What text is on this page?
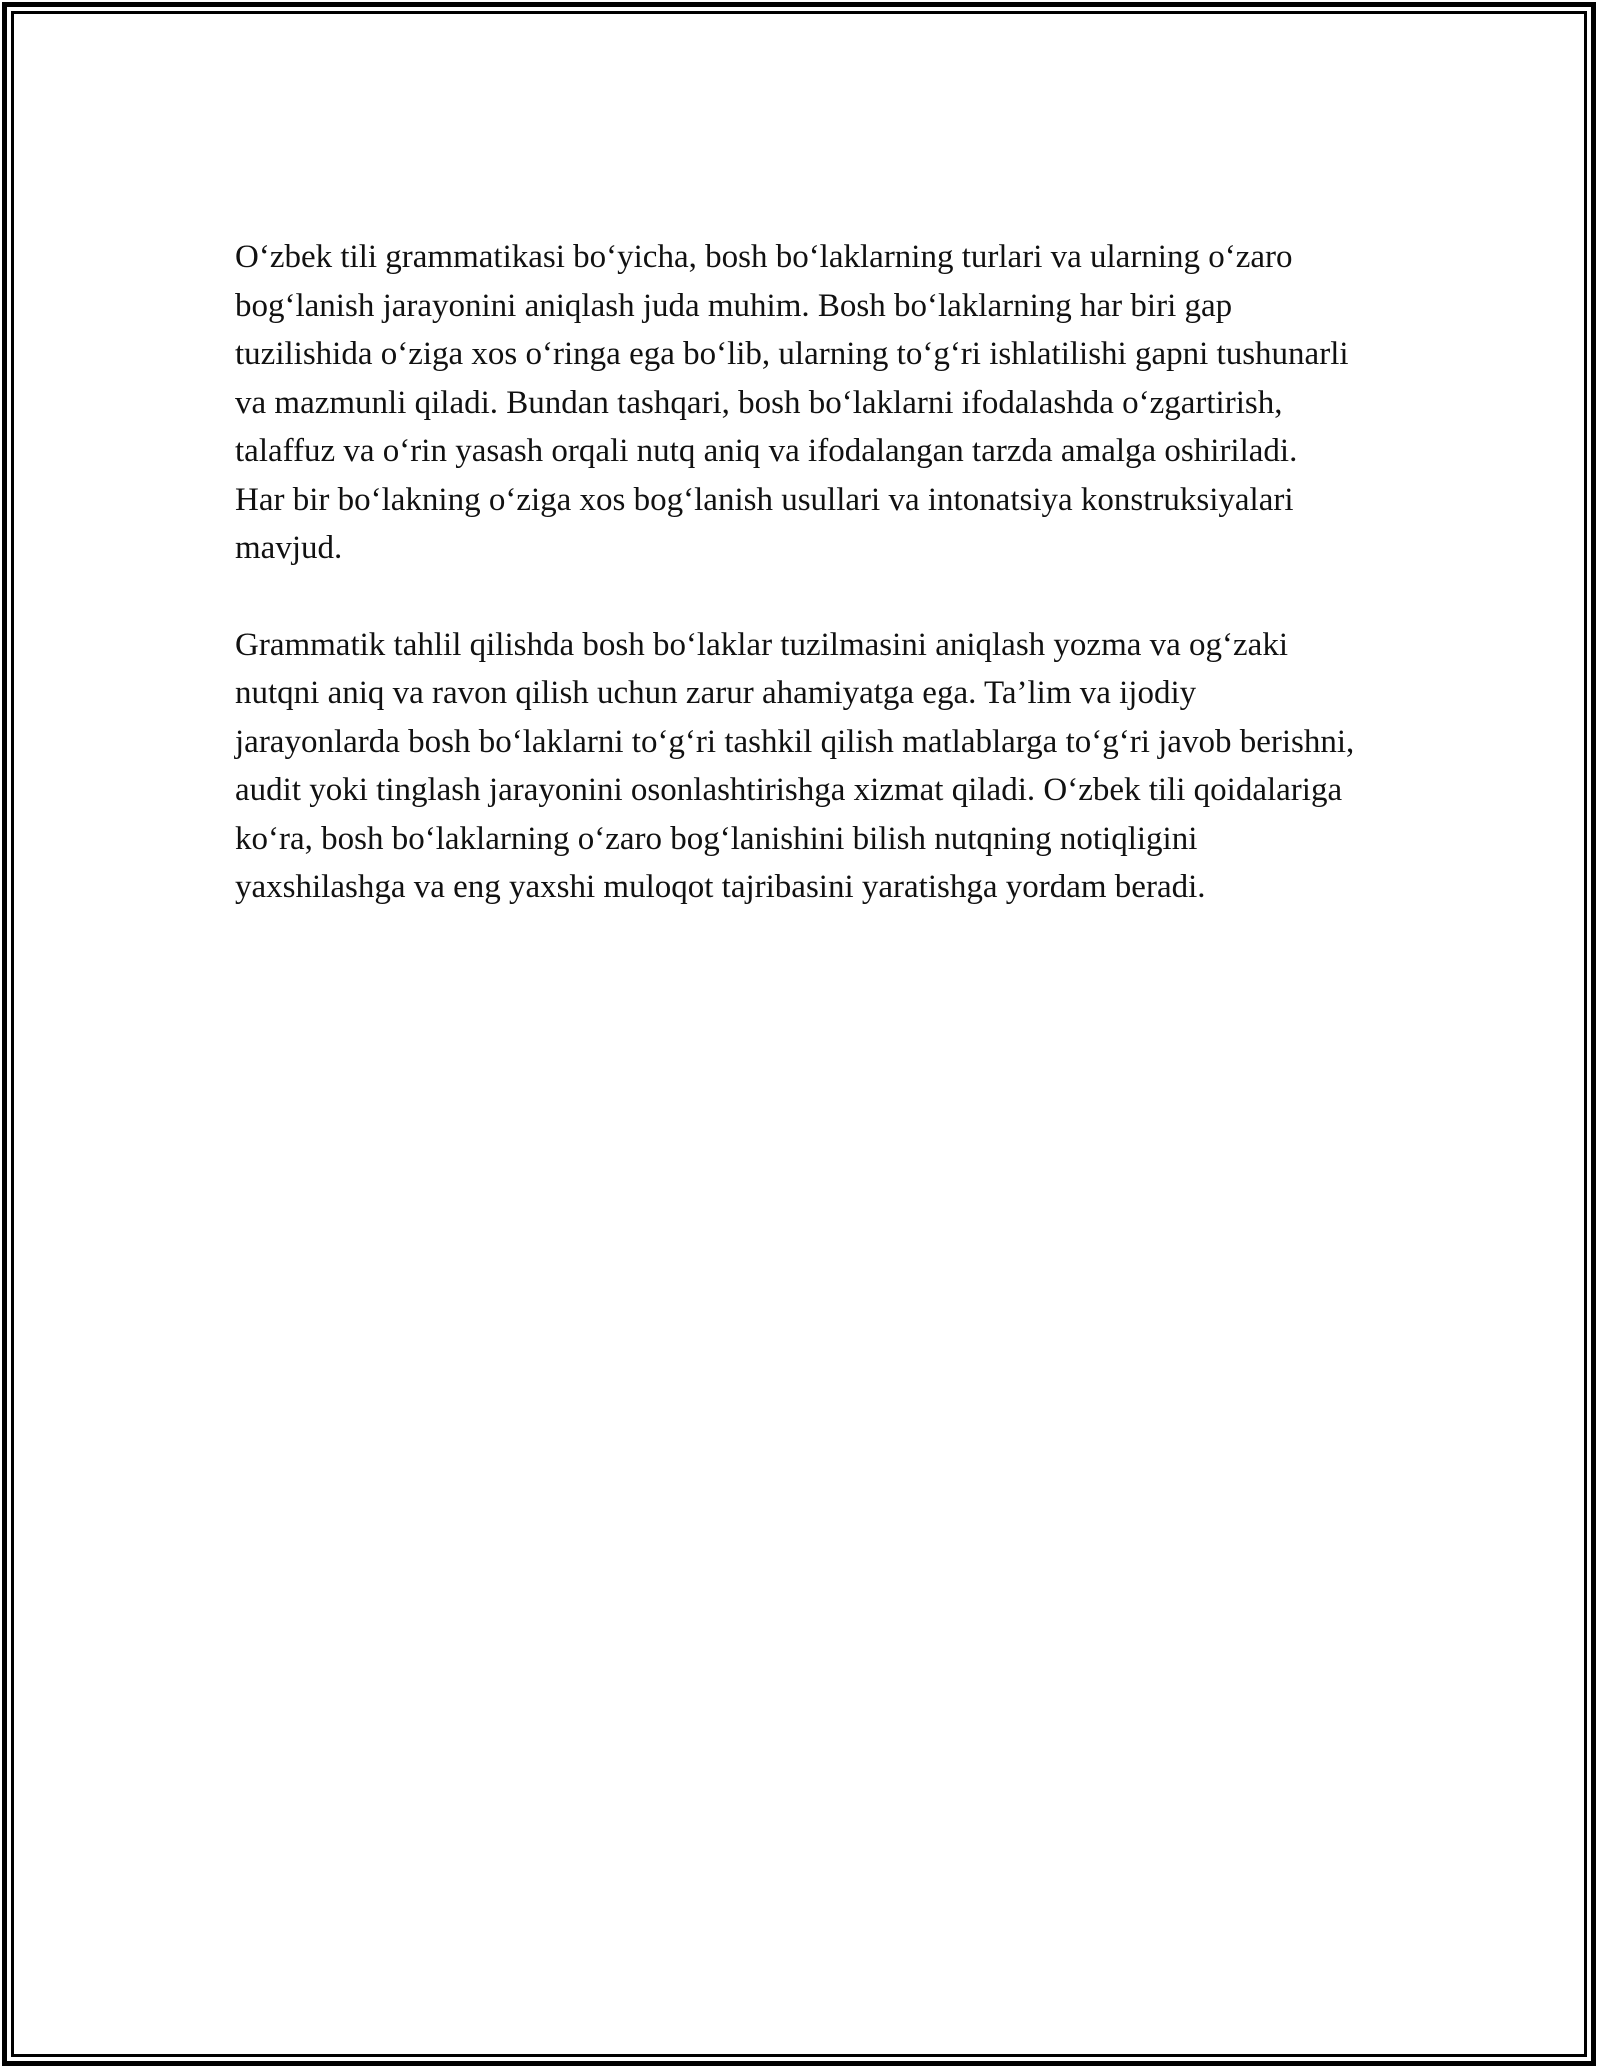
O‘zbek tili grammatikasi bo‘yicha, bosh bo‘laklarning turlari va ularning o‘zaro bog‘lanish jarayonini aniqlash juda muhim. Bosh bo‘laklarning har biri gap tuzilishida o‘ziga xos o‘ringa ega bo‘lib, ularning to‘g‘ri ishlatilishi gapni tushunarli va mazmunli qiladi. Bundan tashqari, bosh bo‘laklarni ifodalashda o‘zgartirish, talaffuz va o‘rin yasash orqali nutq aniq va ifodalangan tarzda amalga oshiriladi. Har bir bo‘lakning o‘ziga xos bog‘lanish usullari va intonatsiya konstruksiyalari mavjud.

Grammatik tahlil qilishda bosh bo‘laklar tuzilmasini aniqlash yozma va og‘zaki nutqni aniq va ravon qilish uchun zarur ahamiyatga ega. Ta’lim va ijodiy jarayonlarda bosh bo‘laklarni to‘g‘ri tashkil qilish matlablarga to‘g‘ri javob berishni, audit yoki tinglash jarayonini osonlashtirishga xizmat qiladi. O‘zbek tili qoidalariga ko‘ra, bosh bo‘laklarning o‘zaro bog‘lanishini bilish nutqning notiqligini yaxshilashga va eng yaxshi muloqot tajribasini yaratishga yordam beradi.
